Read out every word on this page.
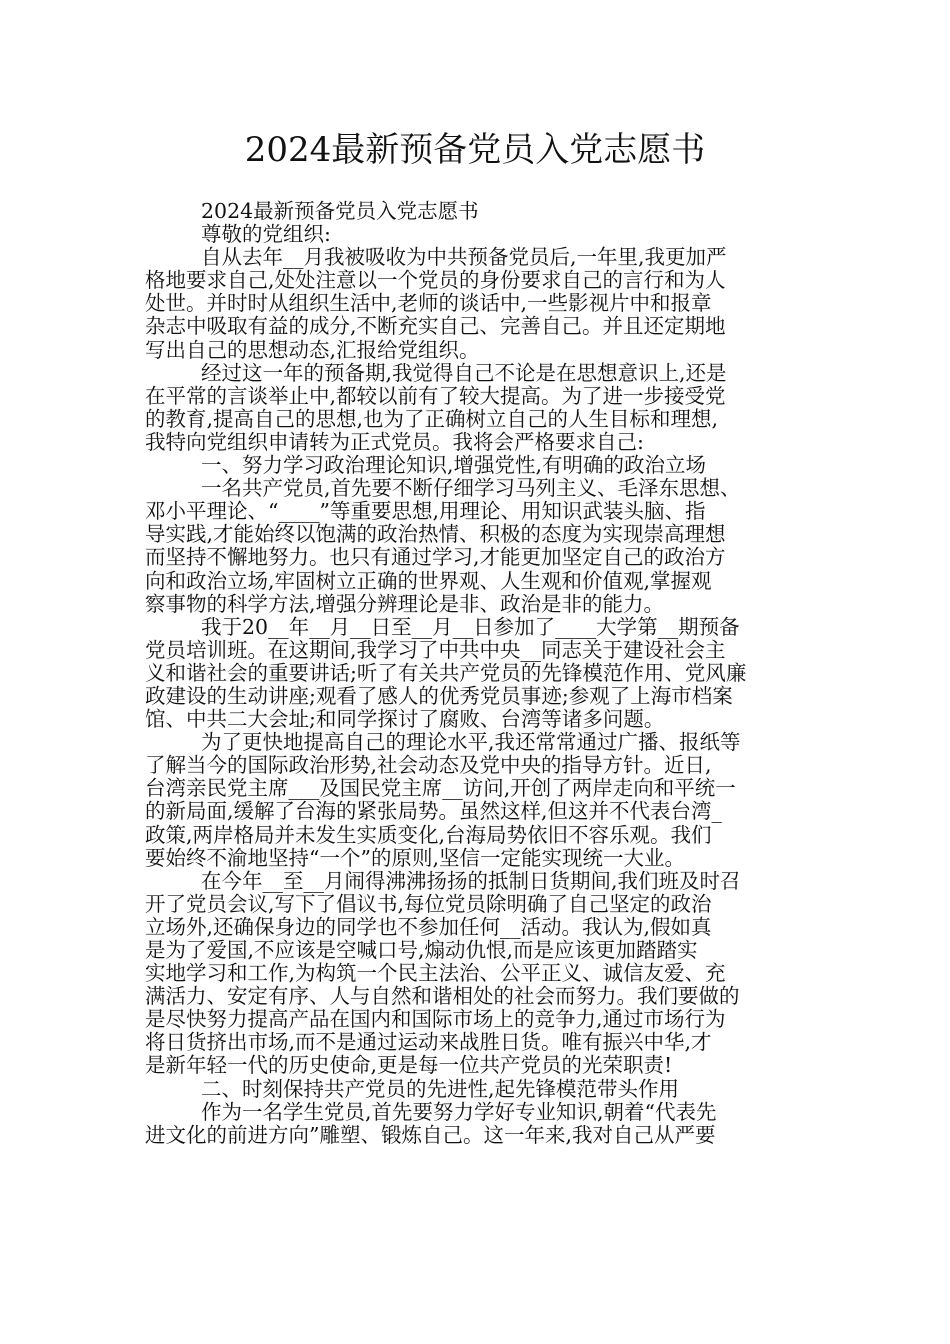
2024最新预备党员入党志愿书
2024最新预备党员入党志愿书
尊敬的党组织:
自从去年__月我被吸收为中共预备党员后,一年里,我更加严
格地要求自己,处处注意以一个党员的身份要求自己的言行和为人
处世。并时时从组织生活中,老师的谈话中,一些影视片中和报章
杂志中吸取有益的成分,不断充实自己、完善自己。并且还定期地
写出自己的思想动态,汇报给党组织。
经过这一年的预备期,我觉得自己不论是在思想意识上,还是
在平常的言谈举止中,都较以前有了较大提高。为了进一步接受党
的教育,提高自己的思想,也为了正确树立自己的人生目标和理想,
我特向党组织申请转为正式党员。我将会严格要求自己:
一、努力学习政治理论知识,增强党性,有明确的政治立场
一名共产党员,首先要不断仔细学习马列主义、毛泽东思想、
邓小平理论、“____”等重要思想,用理论、用知识武装头脑、指
导实践,才能始终以饱满的政治热情、积极的态度为实现崇高理想
而坚持不懈地努力。也只有通过学习,才能更加坚定自己的政治方
向和政治立场,牢固树立正确的世界观、人生观和价值观,掌握观
察事物的科学方法,增强分辨理论是非、政治是非的能力。
我于20__年__月__日至__月__日参加了____大学第__期预备
党员培训班。在这期间,我学习了中共中央__同志关于建设社会主
义和谐社会的重要讲话;听了有关共产党员的先锋模范作用、党风廉
政建设的生动讲座;观看了感人的优秀党员事迹;参观了上海市档案
馆、中共二大会址;和同学探讨了腐败、台湾等诸多问题。
为了更快地提高自己的理论水平,我还常常通过广播、报纸等
了解当今的国际政治形势,社会动态及党中央的指导方针。近日,
台湾亲民党主席___及国民党主席__访问,开创了两岸走向和平统一
的新局面,缓解了台海的紧张局势。虽然这样,但这并不代表台湾_
政策,两岸格局并未发生实质变化,台海局势依旧不容乐观。我们
要始终不渝地坚持“一个”的原则,坚信一定能实现统一大业。
在今年__至__月闹得沸沸扬扬的抵制日货期间,我们班及时召
开了党员会议,写下了倡议书,每位党员除明确了自己坚定的政治
立场外,还确保身边的同学也不参加任何__活动。我认为,假如真
是为了爱国,不应该是空喊口号,煽动仇恨,而是应该更加踏踏实
实地学习和工作,为构筑一个民主法治、公平正义、诚信友爱、充
满活力、安定有序、人与自然和谐相处的社会而努力。我们要做的
是尽快努力提高产品在国内和国际市场上的竞争力,通过市场行为
将日货挤出市场,而不是通过运动来战胜日货。唯有振兴中华,才
是新年轻一代的历史使命,更是每一位共产党员的光荣职责!
二、时刻保持共产党员的先进性,起先锋模范带头作用
作为一名学生党员,首先要努力学好专业知识,朝着“代表先
进文化的前进方向”雕塑、锻炼自己。这一年来,我对自己从严要
